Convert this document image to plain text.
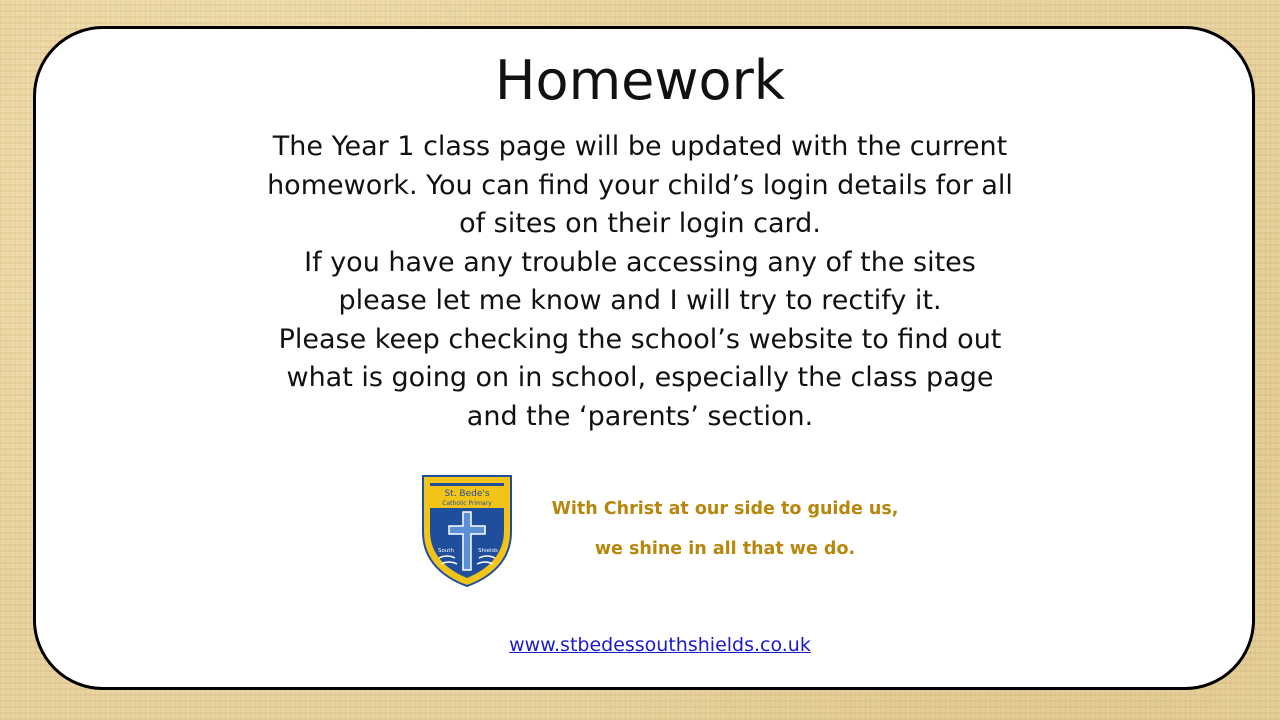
Homework
The Year 1 class page will be updated with the current
homework. You can find your child’s login details for all
of sites on their login card.
If you have any trouble accessing any of the sites
please let me know and I will try to rectify it.
Please keep checking the school’s website to find out
what is going on in school, especially the class page
and the ‘parents’ section.
St. Bede's
Catholic Primary
South	Shields
With Christ at our side to guide us,
we shine in all that we do.
www.stbedessouthshields.co.uk
